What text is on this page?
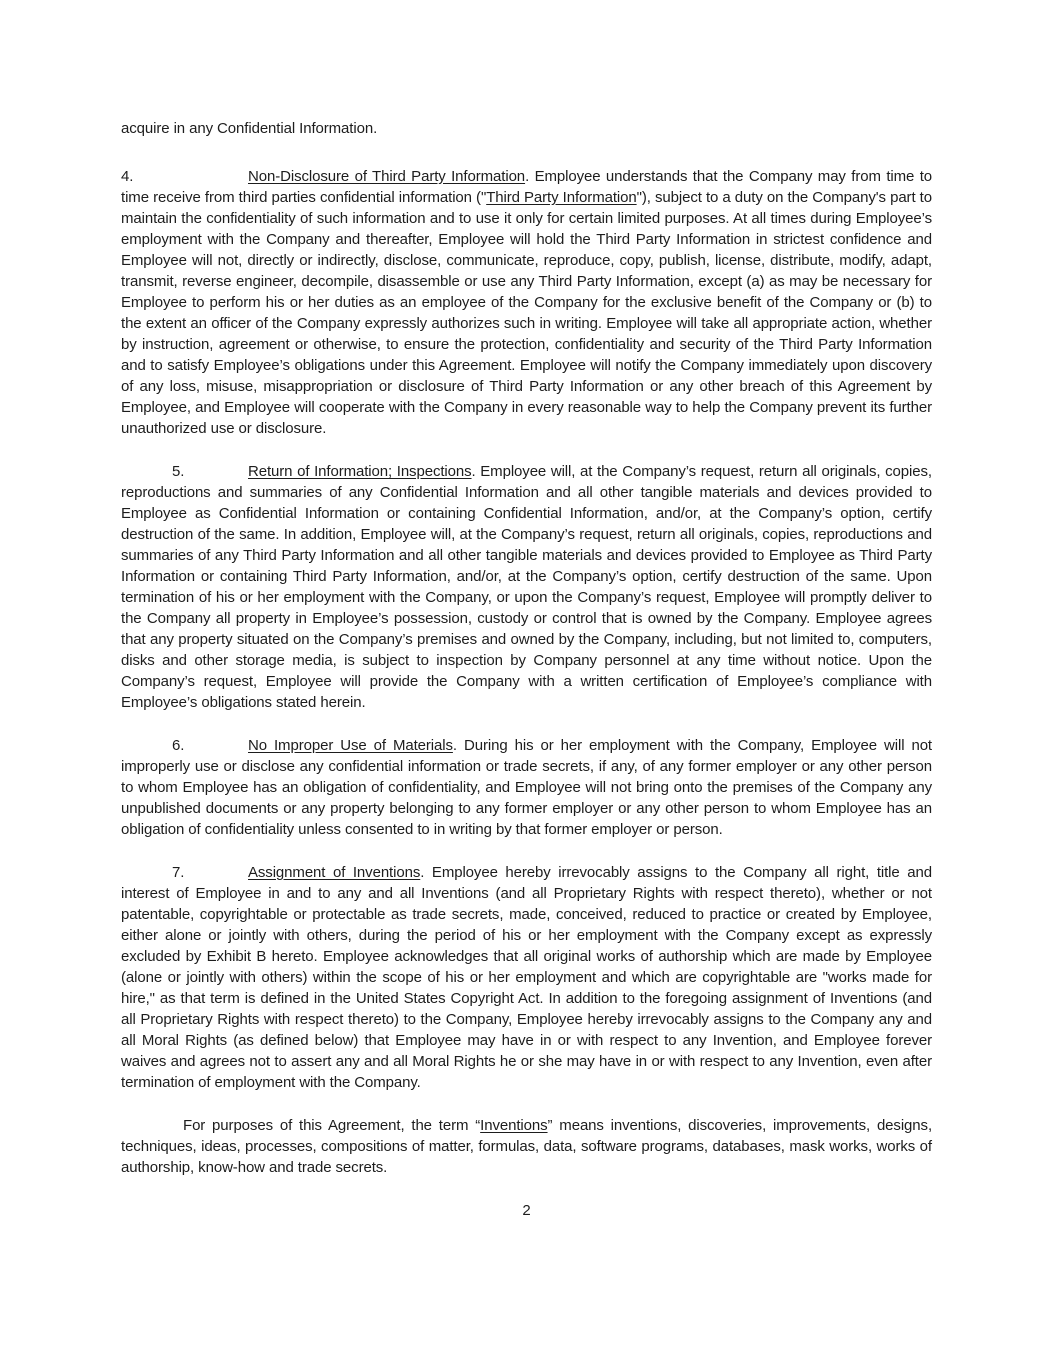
acquire in any Confidential Information.

4.	Non-Disclosure of Third Party Information. Employee understands that the Company may from time to time receive from third parties confidential information ("Third Party Information"), subject to a duty on the Company's part to maintain the confidentiality of such information and to use it only for certain limited purposes. At all times during Employee’s employment with the Company and thereafter, Employee will hold the Third Party Information in strictest confidence and Employee will not, directly or indirectly, disclose, communicate, reproduce, copy, publish, license, distribute, modify, adapt, transmit, reverse engineer, decompile, disassemble or use any Third Party Information, except (a) as may be necessary for Employee to perform his or her duties as an employee of the Company for the exclusive benefit of the Company or (b) to the extent an officer of the Company expressly authorizes such in writing. Employee will take all appropriate action, whether by instruction, agreement or otherwise, to ensure the protection, confidentiality and security of the Third Party Information and to satisfy Employee’s obligations under this Agreement. Employee will notify the Company immediately upon discovery of any loss, misuse, misappropriation or disclosure of Third Party Information or any other breach of this Agreement by Employee, and Employee will cooperate with the Company in every reasonable way to help the Company prevent its further unauthorized use or disclosure.

5.	Return of Information; Inspections. Employee will, at the Company’s request, return all originals, copies, reproductions and summaries of any Confidential Information and all other tangible materials and devices provided to Employee as Confidential Information or containing Confidential Information, and/or, at the Company’s option, certify destruction of the same. In addition, Employee will, at the Company’s request, return all originals, copies, reproductions and summaries of any Third Party Information and all other tangible materials and devices provided to Employee as Third Party Information or containing Third Party Information, and/or, at the Company’s option, certify destruction of the same. Upon termination of his or her employment with the Company, or upon the Company’s request, Employee will promptly deliver to the Company all property in Employee’s possession, custody or control that is owned by the Company. Employee agrees that any property situated on the Company’s premises and owned by the Company, including, but not limited to, computers, disks and other storage media, is subject to inspection by Company personnel at any time without notice. Upon the Company’s request, Employee will provide the Company with a written certification of Employee’s compliance with Employee’s obligations stated herein.

6.	No Improper Use of Materials. During his or her employment with the Company, Employee will not improperly use or disclose any confidential information or trade secrets, if any, of any former employer or any other person to whom Employee has an obligation of confidentiality, and Employee will not bring onto the premises of the Company any unpublished documents or any property belonging to any former employer or any other person to whom Employee has an obligation of confidentiality unless consented to in writing by that former employer or person.

7.	Assignment of Inventions. Employee hereby irrevocably assigns to the Company all right, title and interest of Employee in and to any and all Inventions (and all Proprietary Rights with respect thereto), whether or not patentable, copyrightable or protectable as trade secrets, made, conceived, reduced to practice or created by Employee, either alone or jointly with others, during the period of his or her employment with the Company except as expressly excluded by Exhibit B hereto. Employee acknowledges that all original works of authorship which are made by Employee (alone or jointly with others) within the scope of his or her employment and which are copyrightable are "works made for hire," as that term is defined in the United States Copyright Act. In addition to the foregoing assignment of Inventions (and all Proprietary Rights with respect thereto) to the Company, Employee hereby irrevocably assigns to the Company any and all Moral Rights (as defined below) that Employee may have in or with respect to any Invention, and Employee forever waives and agrees not to assert any and all Moral Rights he or she may have in or with respect to any Invention, even after termination of employment with the Company.

For purposes of this Agreement, the term “Inventions” means inventions, discoveries, improvements, designs, techniques, ideas, processes, compositions of matter, formulas, data, software programs, databases, mask works, works of authorship, know-how and trade secrets.

2
